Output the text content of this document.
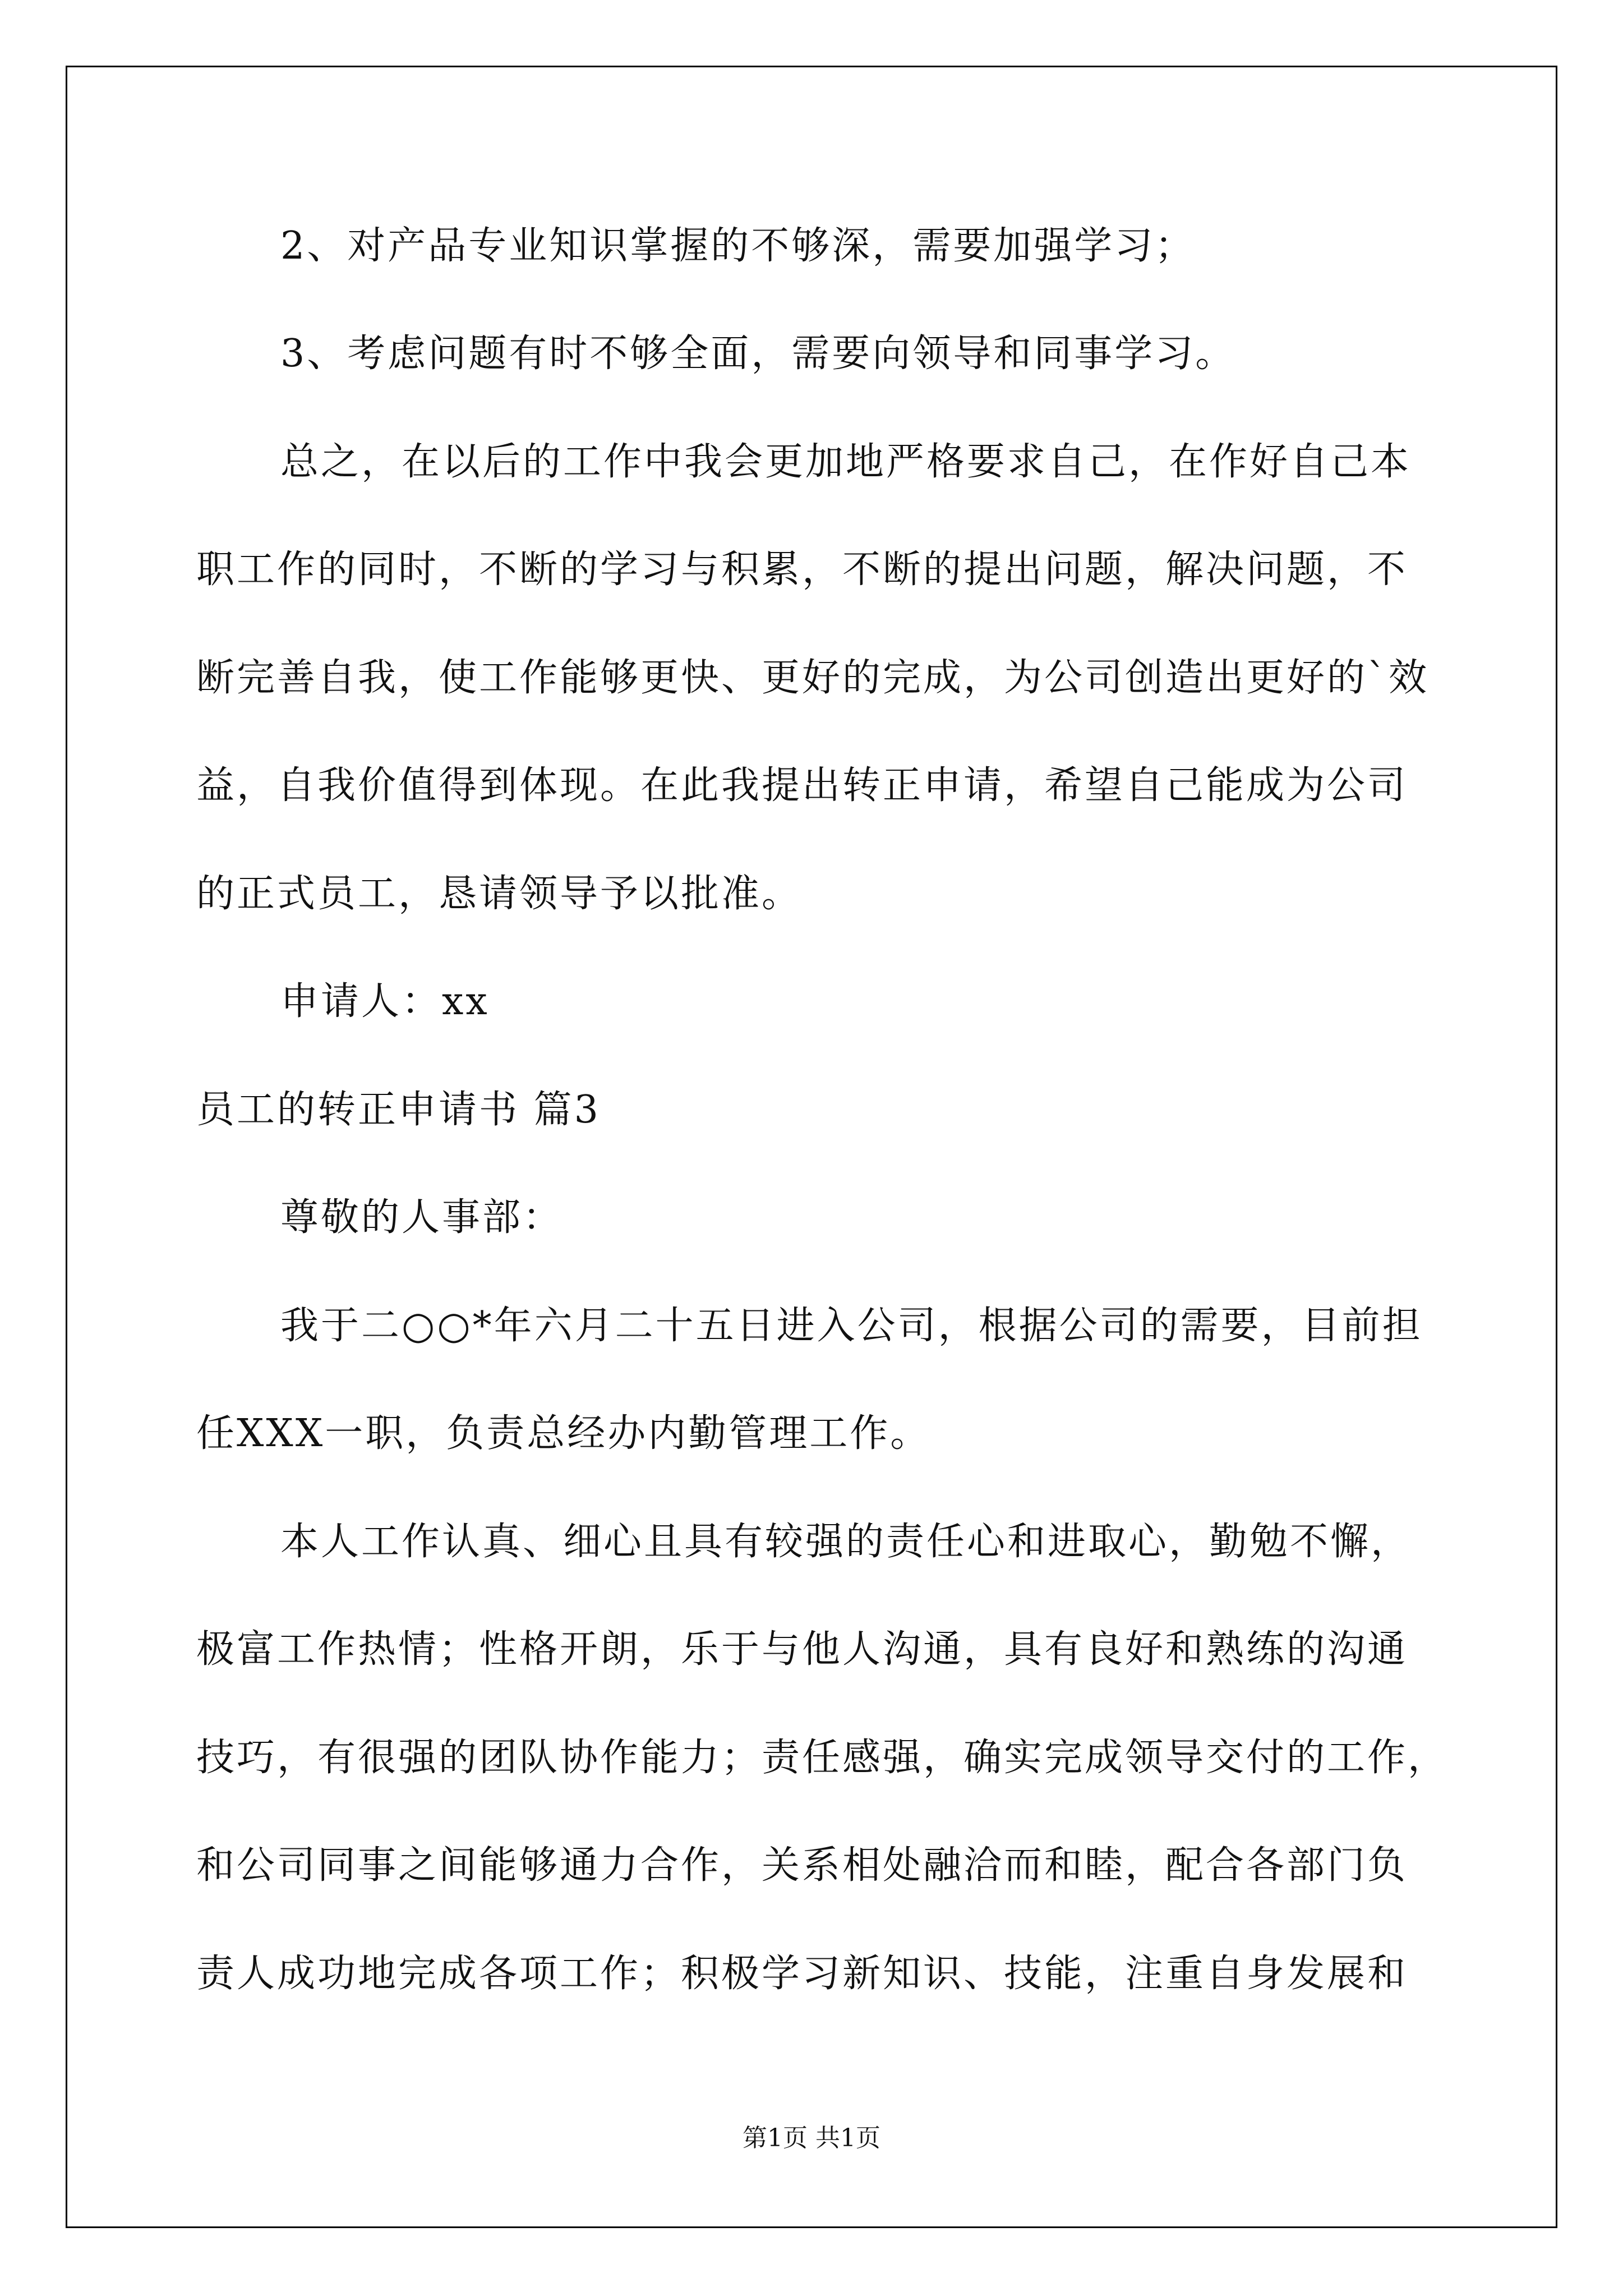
2、对产品专业知识掌握的不够深，需要加强学习；
3、考虑问题有时不够全面，需要向领导和同事学习。
总之，在以后的工作中我会更加地严格要求自己，在作好自己本
职工作的同时，不断的学习与积累，不断的提出问题，解决问题，不
断完善自我，使工作能够更快、更好的完成，为公司创造出更好的`效
益，自我价值得到体现。在此我提出转正申请，希望自己能成为公司
的正式员工，恳请领导予以批准。
申请人：xx
员工的转正申请书 篇3
尊敬的人事部：
我于二○○*年六月二十五日进入公司，根据公司的需要，目前担
任XXX一职，负责总经办内勤管理工作。
本人工作认真、细心且具有较强的责任心和进取心，勤勉不懈，
极富工作热情；性格开朗，乐于与他人沟通，具有良好和熟练的沟通
技巧，有很强的团队协作能力；责任感强，确实完成领导交付的工作，
和公司同事之间能够通力合作，关系相处融洽而和睦，配合各部门负
责人成功地完成各项工作；积极学习新知识、技能，注重自身发展和
第1页 共1页
